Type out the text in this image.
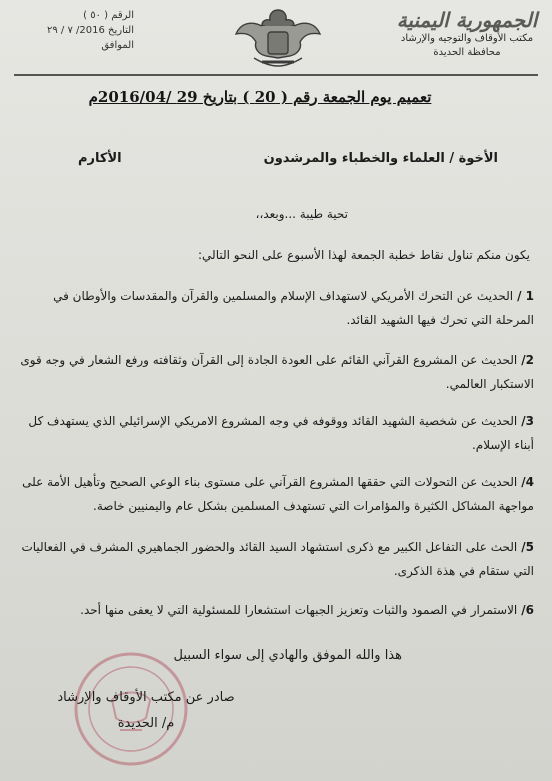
الجمهورية اليمنية
مكتب الأوقاف والتوجيه والإرشاد
محافظة الحديدة
الرقم ( ٥٠ )
التاريخ 2016/ ٧ / ٢٩
الموافق
تعميم يوم الجمعة رقم ( 20 ) بتاريخ 29 /2016/04م
الأخوة / العلماء والخطباء والمرشدون
الأكارم
تحية طيبة ...وبعد،،
يكون منكم تناول نقاط خطبة الجمعة لهذا الأسبوع على النحو التالي:
1 /الحديث عن التحرك الأمريكي لاستهداف الإسلام والمسلمين والقرآن والمقدسات والأوطان في المرحلة التي تحرك فيها الشهيد القائد.
2/الحديث عن المشروع القرآني القائم على العودة الجادة إلى القرآن وثقافته ورفع الشعار في وجه قوى الاستكبار العالمي.
3/الحديث عن شخصية الشهيد القائد ووقوفه في وجه المشروع الامريكي الإسرائيلي الذي يستهدف كل أبناء الإسلام.
4/الحديث عن التحولات التي حققها المشروع القرآني على مستوى بناء الوعي الصحيح وتأهيل الأمة على مواجهة المشاكل الكثيرة والمؤامرات التي تستهدف المسلمين بشكل عام واليمنيين خاصة.
5/الحث على التفاعل الكبير مع ذكرى استشهاد السيد القائد والحضور الجماهيري المشرف في الفعاليات التي ستقام في هذة الذكرى.
6/الاستمرار في الصمود والثبات وتعزيز الجبهات استشعارا للمسئولية التي لا يعفى منها أحد.
هذا والله الموفق والهادي إلى سواء السبيل
صادر عن مكتب الأوقاف والإرشاد
م/ الحديدة
